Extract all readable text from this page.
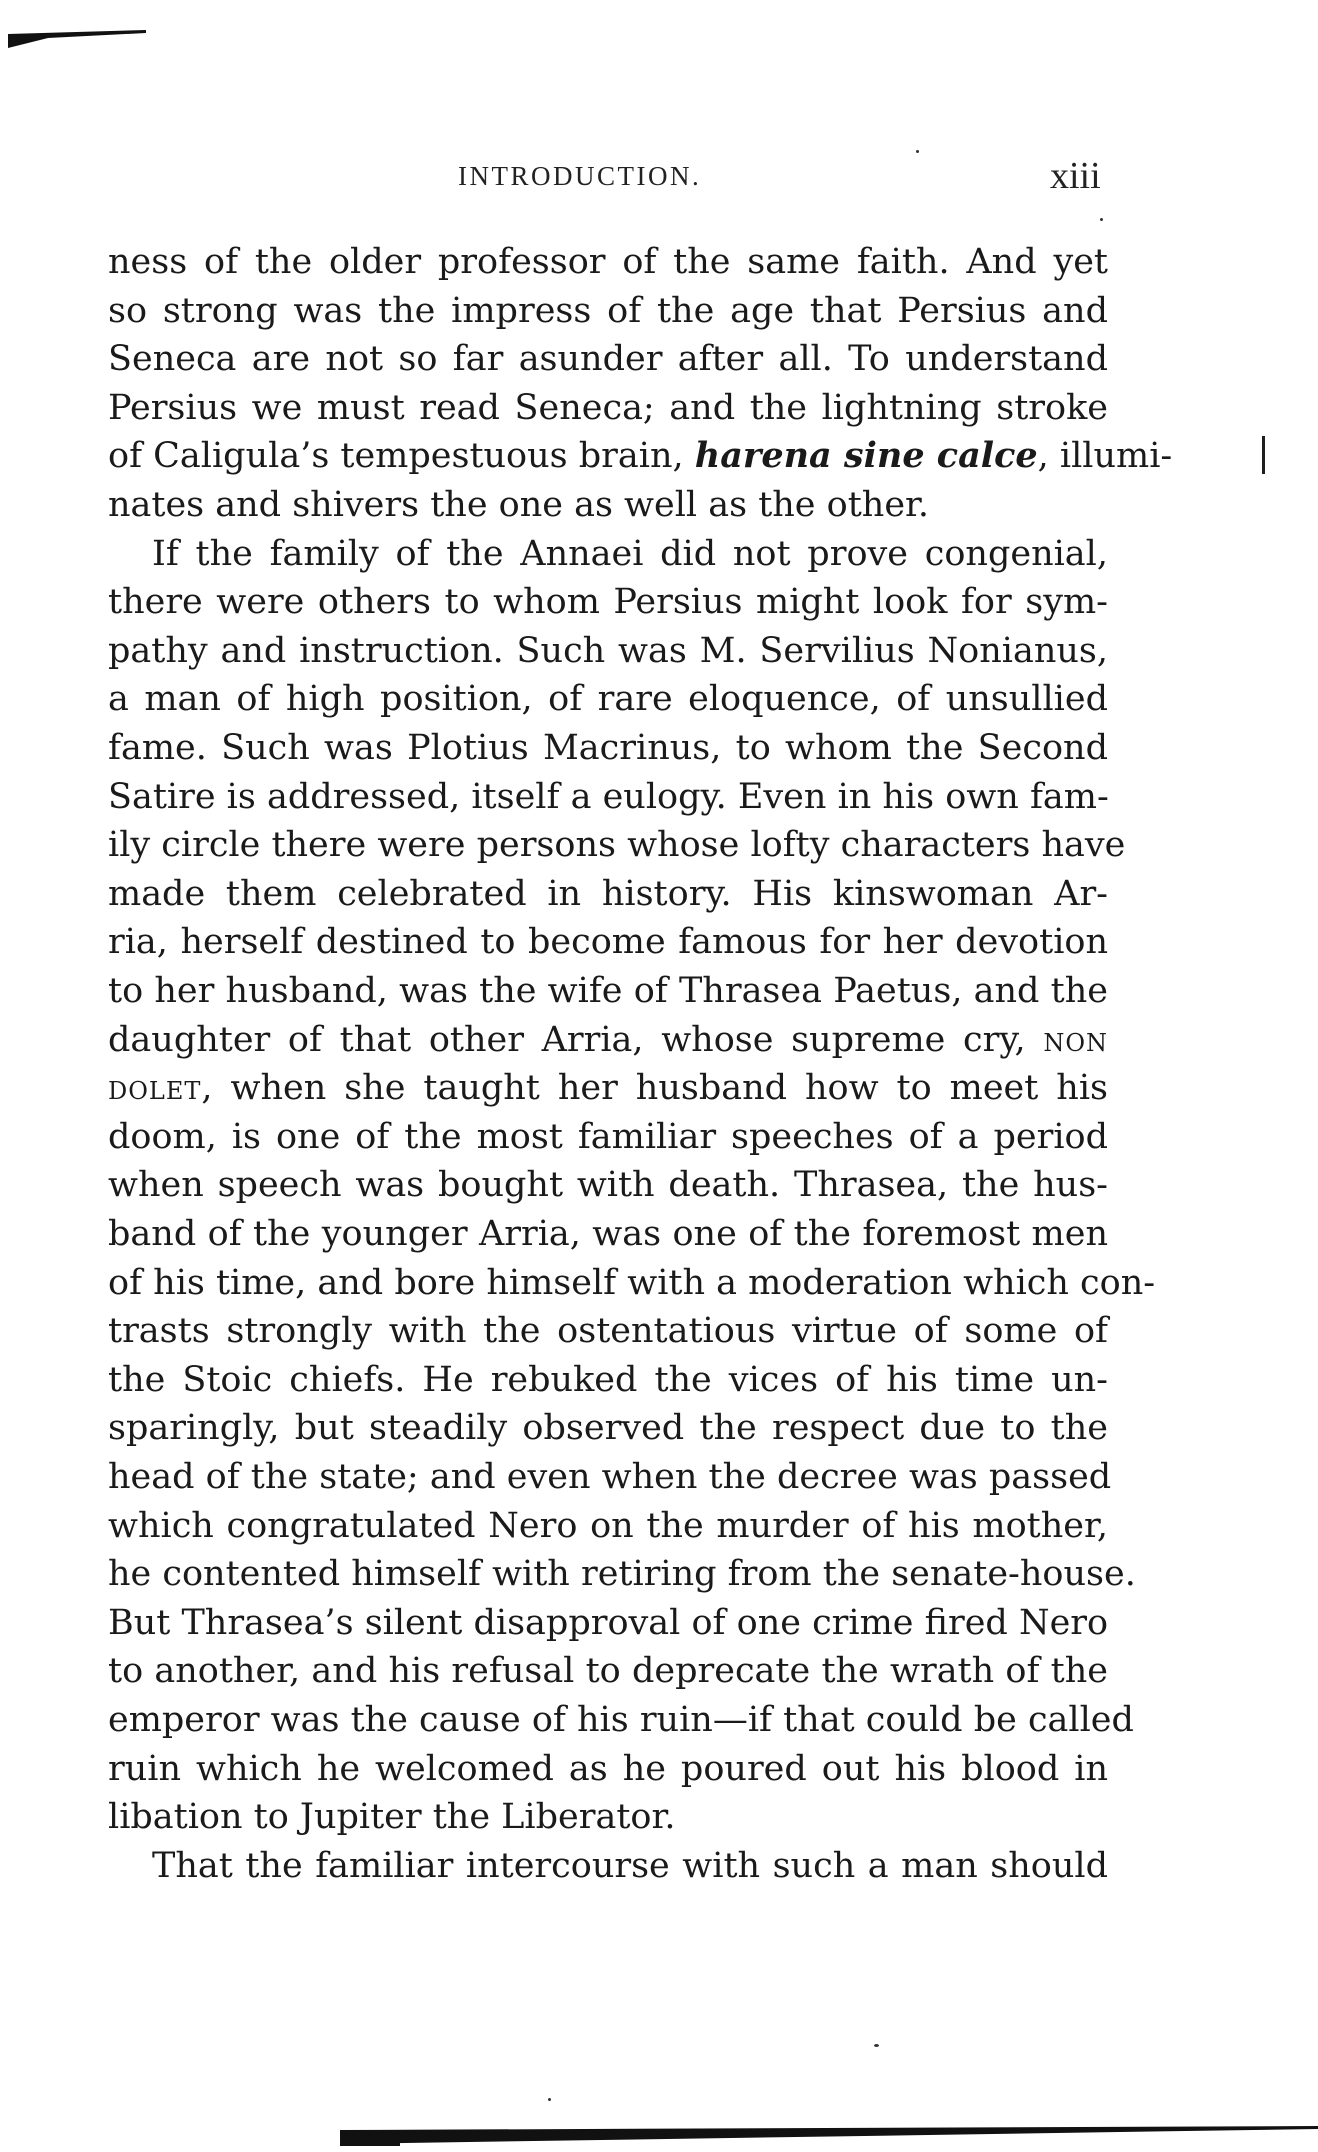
INTRODUCTION.	xiii
ness of the older professor of the same faith. And yet
so strong was the impress of the age that Persius and
Seneca are not so far asunder after all. To understand
Persius we must read Seneca; and the lightning stroke
of Caligula’s tempestuous brain, harena sine calce, illumi-
nates and shivers the one as well as the other.
If the family of the Annaei did not prove congenial,
there were others to whom Persius might look for sym-
pathy and instruction. Such was M. Servilius Nonianus,
a man of high position, of rare eloquence, of unsullied
fame. Such was Plotius Macrinus, to whom the Second
Satire is addressed, itself a eulogy. Even in his own fam-
ily circle there were persons whose lofty characters have
made them celebrated in history. His kinswoman Ar-
ria, herself destined to become famous for her devotion
to her husband, was the wife of Thrasea Paetus, and the
daughter of that other Arria, whose supreme cry, NON
DOLET, when she taught her husband how to meet his
doom, is one of the most familiar speeches of a period
when speech was bought with death. Thrasea, the hus-
band of the younger Arria, was one of the foremost men
of his time, and bore himself with a moderation which con-
trasts strongly with the ostentatious virtue of some of
the Stoic chiefs. He rebuked the vices of his time un-
sparingly, but steadily observed the respect due to the
head of the state; and even when the decree was passed
which congratulated Nero on the murder of his mother,
he contented himself with retiring from the senate-house.
But Thrasea’s silent disapproval of one crime fired Nero
to another, and his refusal to deprecate the wrath of the
emperor was the cause of his ruin—if that could be called
ruin which he welcomed as he poured out his blood in
libation to Jupiter the Liberator.
That the familiar intercourse with such a man should
